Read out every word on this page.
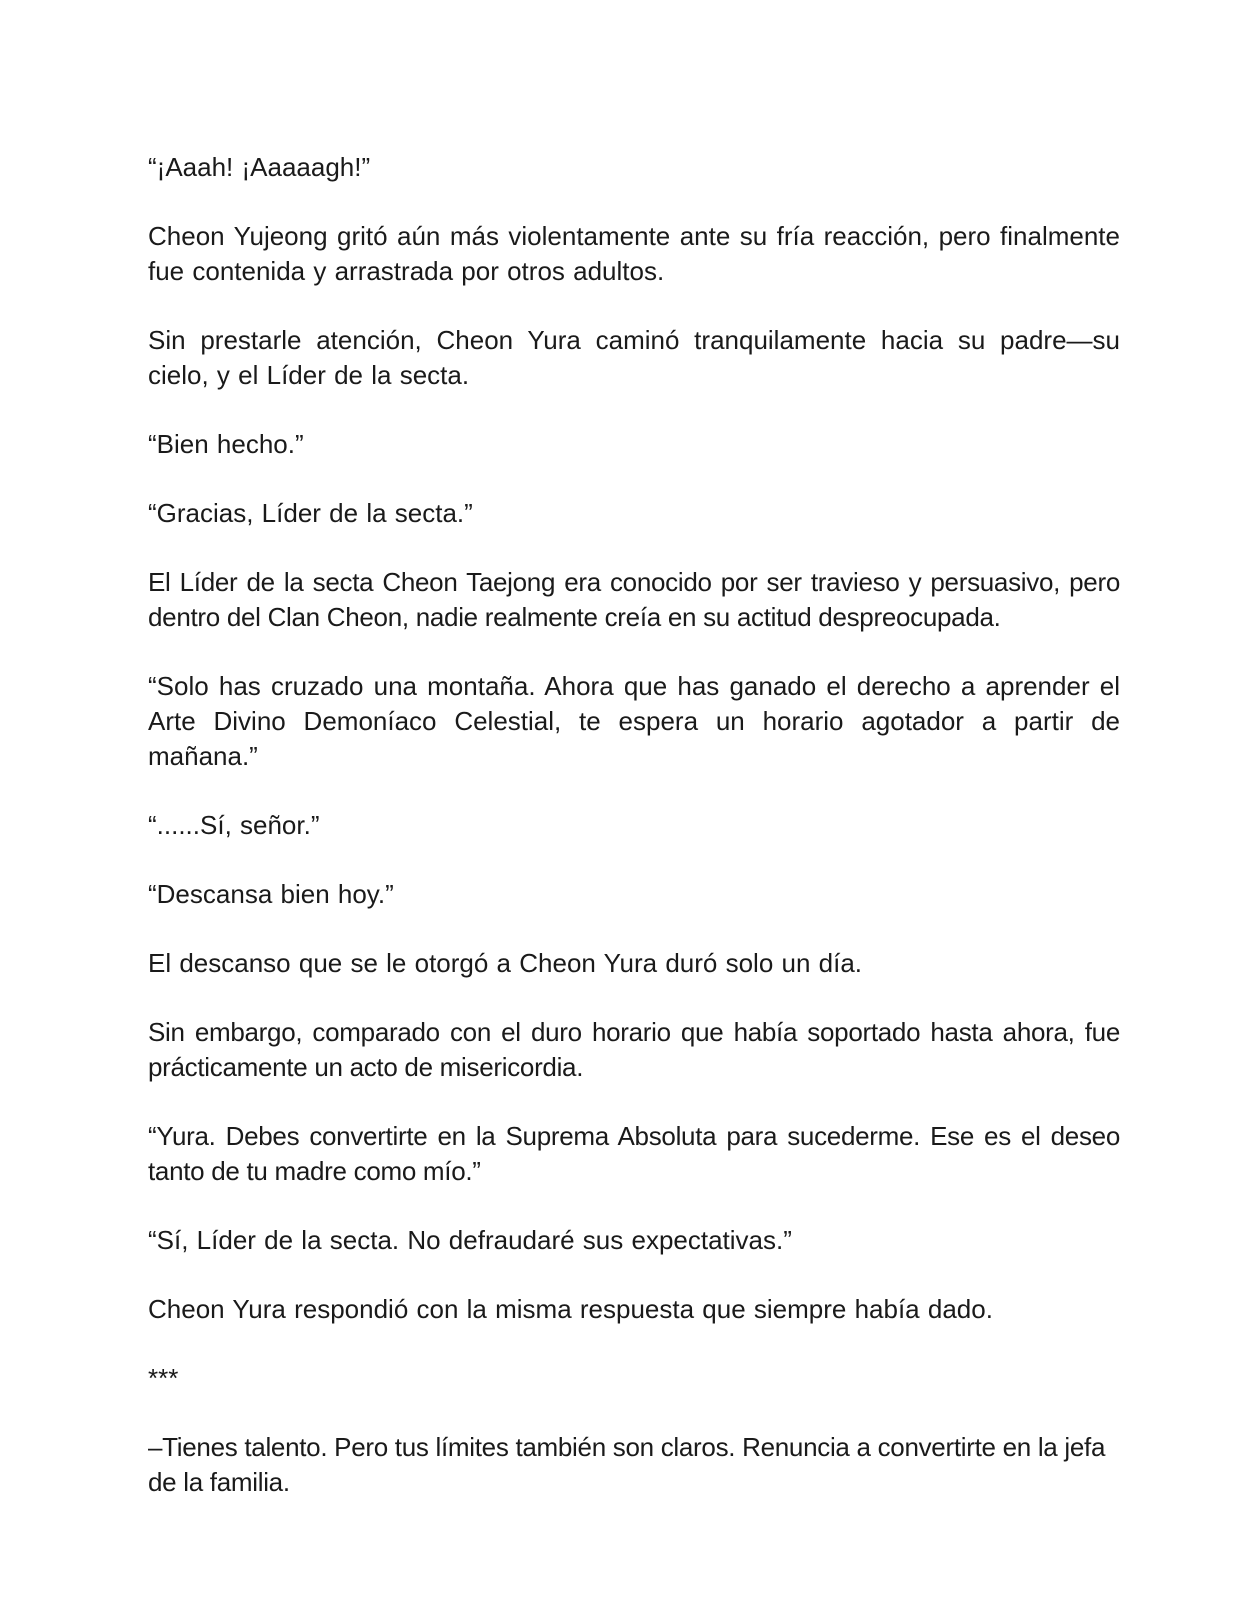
“¡Aaah! ¡Aaaaagh!”

Cheon Yujeong gritó aún más violentamente ante su fría reacción, pero finalmente fue contenida y arrastrada por otros adultos.

Sin prestarle atención, Cheon Yura caminó tranquilamente hacia su padre—su cielo, y el Líder de la secta.

“Bien hecho.”

“Gracias, Líder de la secta.”

El Líder de la secta Cheon Taejong era conocido por ser travieso y persuasivo, pero dentro del Clan Cheon, nadie realmente creía en su actitud despreocupada.

“Solo has cruzado una montaña. Ahora que has ganado el derecho a aprender el Arte Divino Demoníaco Celestial, te espera un horario agotador a partir de mañana.”

“......Sí, señor.”

“Descansa bien hoy.”

El descanso que se le otorgó a Cheon Yura duró solo un día.

Sin embargo, comparado con el duro horario que había soportado hasta ahora, fue prácticamente un acto de misericordia.

“Yura. Debes convertirte en la Suprema Absoluta para sucederme. Ese es el deseo tanto de tu madre como mío.”

“Sí, Líder de la secta. No defraudaré sus expectativas.”

Cheon Yura respondió con la misma respuesta que siempre había dado.

***

–Tienes talento. Pero tus límites también son claros. Renuncia a convertirte en la jefa de la familia.
